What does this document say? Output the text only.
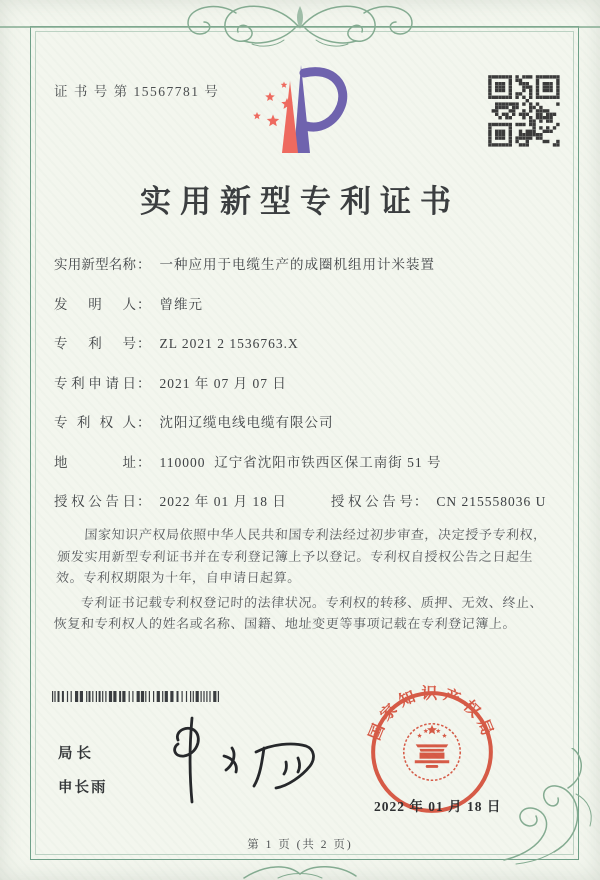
证 书 号 第 15567781 号
实用新型专利证书
实用新型名称： 一种应用于电缆生产的成圈机组用计米装置
发明人： 曾维元
专利号： ZL 2021 2 1536763.X
专利申请日： 2021 年 07 月 07 日
专利权人： 沈阳辽缆电线电缆有限公司
地址： 110000  辽宁省沈阳市铁西区保工南街 51 号
授权公告日： 2022 年 01 月 18 日	授权公告号： CN 215558036 U

国家知识产权局依照中华人民共和国专利法经过初步审查，决定授予专利权，颁发实用新型专利证书并在专利登记簿上予以登记。专利权自授权公告之日起生效。专利权期限为十年，自申请日起算。

专利证书记载专利权登记时的法律状况。专利权的转移、质押、无效、终止、恢复和专利权人的姓名或名称、国籍、地址变更等事项记载在专利登记簿上。

局长
申长雨
国家知识产权局
2022 年 01 月 18 日
第 1 页 (共 2 页)
